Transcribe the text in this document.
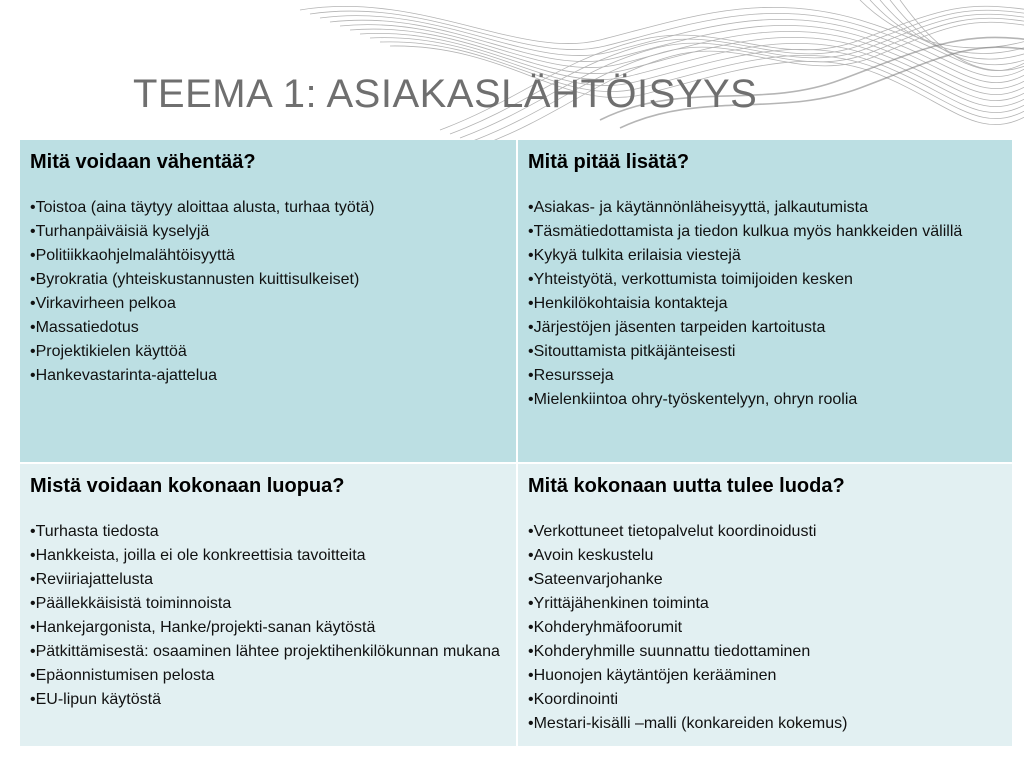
TEEMA 1: ASIAKASLÄHTÖISYYS
Mitä voidaan vähentää?
•Toistoa (aina täytyy aloittaa alusta, turhaa työtä)
•Turhanpäiväisiä kyselyjä
•Politiikkaohjelmalähtöisyyttä
•Byrokratia (yhteiskustannusten kuittisulkeiset)
•Virkavirheen pelkoa
•Massatiedotus
•Projektikielen käyttöä
•Hankevastarinta-ajattelua
Mitä pitää lisätä?
•Asiakas- ja käytännönläheisyyttä, jalkautumista
•Täsmätiedottamista ja tiedon kulkua myös hankkeiden välillä
•Kykyä tulkita erilaisia viestejä
•Yhteistyötä, verkottumista toimijoiden kesken
•Henkilökohtaisia kontakteja
•Järjestöjen jäsenten tarpeiden kartoitusta
•Sitouttamista pitkäjänteisesti
•Resursseja
•Mielenkiintoa ohry-työskentelyyn, ohryn roolia
Mistä voidaan kokonaan luopua?
•Turhasta tiedosta
•Hankkeista, joilla ei ole konkreettisia tavoitteita
•Reviiriajattelusta
•Päällekkäisistä toiminnoista
•Hankejargonista, Hanke/projekti-sanan käytöstä
•Pätkittämisestä: osaaminen lähtee projektihenkilökunnan mukana
•Epäonnistumisen pelosta
•EU-lipun käytöstä
Mitä kokonaan uutta tulee luoda?
•Verkottuneet tietopalvelut koordinoidusti
•Avoin keskustelu
•Sateenvarjohanke
•Yrittäjähenkinen toiminta
•Kohderyhmäfoorumit
•Kohderyhmille suunnattu tiedottaminen
•Huonojen käytäntöjen kerääminen
•Koordinointi
•Mestari-kisälli –malli (konkareiden kokemus)
